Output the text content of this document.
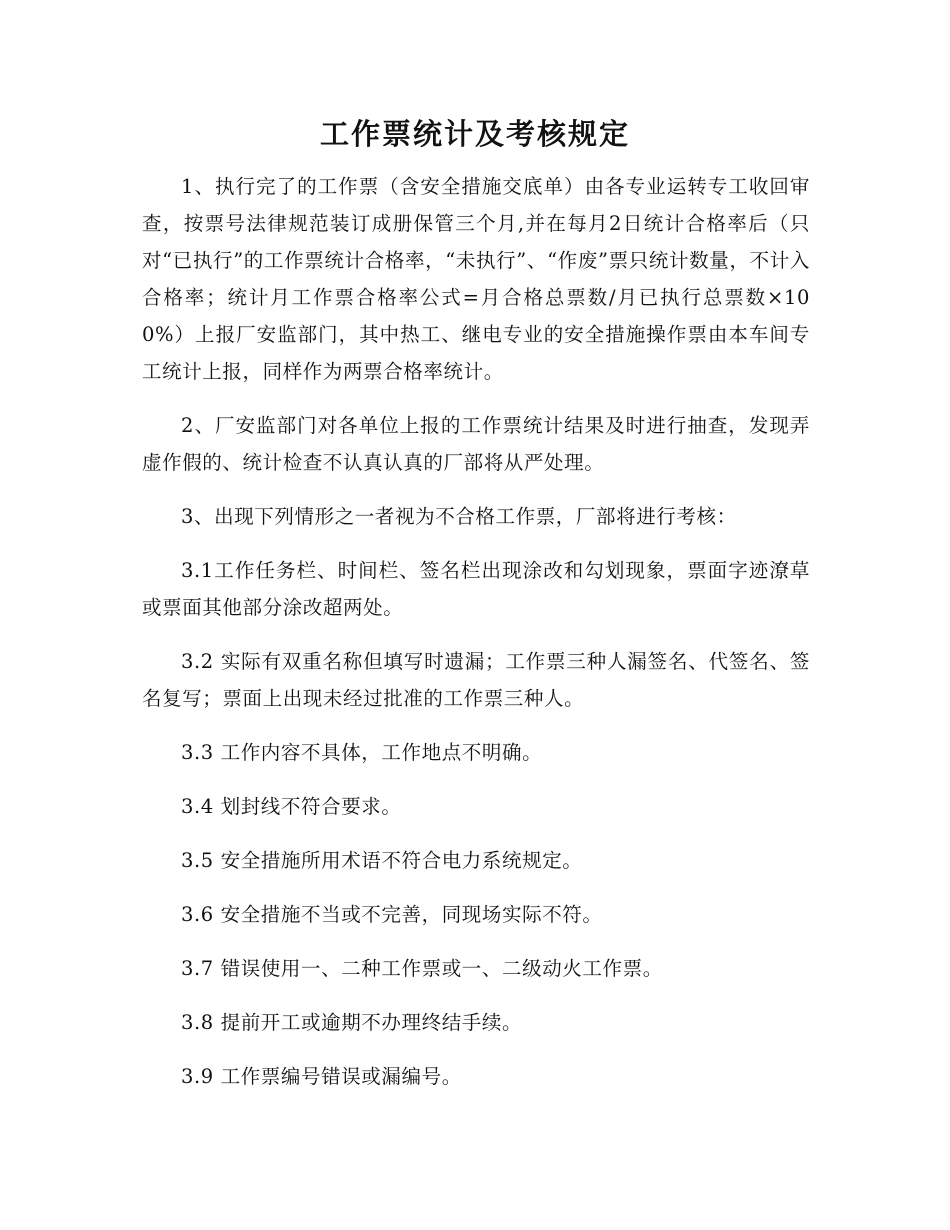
工作票统计及考核规定

1、执行完了的工作票（含安全措施交底单）由各专业运转专工收回审查，按票号法律规范装订成册保管三个月,并在每月2日统计合格率后（只对“已执行”的工作票统计合格率，“未执行”、“作废”票只统计数量，不计入合格率；统计月工作票合格率公式=月合格总票数/月已执行总票数×100%）上报厂安监部门，其中热工、继电专业的安全措施操作票由本车间专工统计上报，同样作为两票合格率统计。

2、厂安监部门对各单位上报的工作票统计结果及时进行抽查，发现弄虚作假的、统计检查不认真认真的厂部将从严处理。

3、出现下列情形之一者视为不合格工作票，厂部将进行考核：

3.1工作任务栏、时间栏、签名栏出现涂改和勾划现象，票面字迹潦草或票面其他部分涂改超两处。

3.2 实际有双重名称但填写时遗漏；工作票三种人漏签名、代签名、签名复写；票面上出现未经过批准的工作票三种人。

3.3 工作内容不具体，工作地点不明确。

3.4 划封线不符合要求。

3.5 安全措施所用术语不符合电力系统规定。

3.6 安全措施不当或不完善，同现场实际不符。

3.7 错误使用一、二种工作票或一、二级动火工作票。

3.8 提前开工或逾期不办理终结手续。

3.9 工作票编号错误或漏编号。
